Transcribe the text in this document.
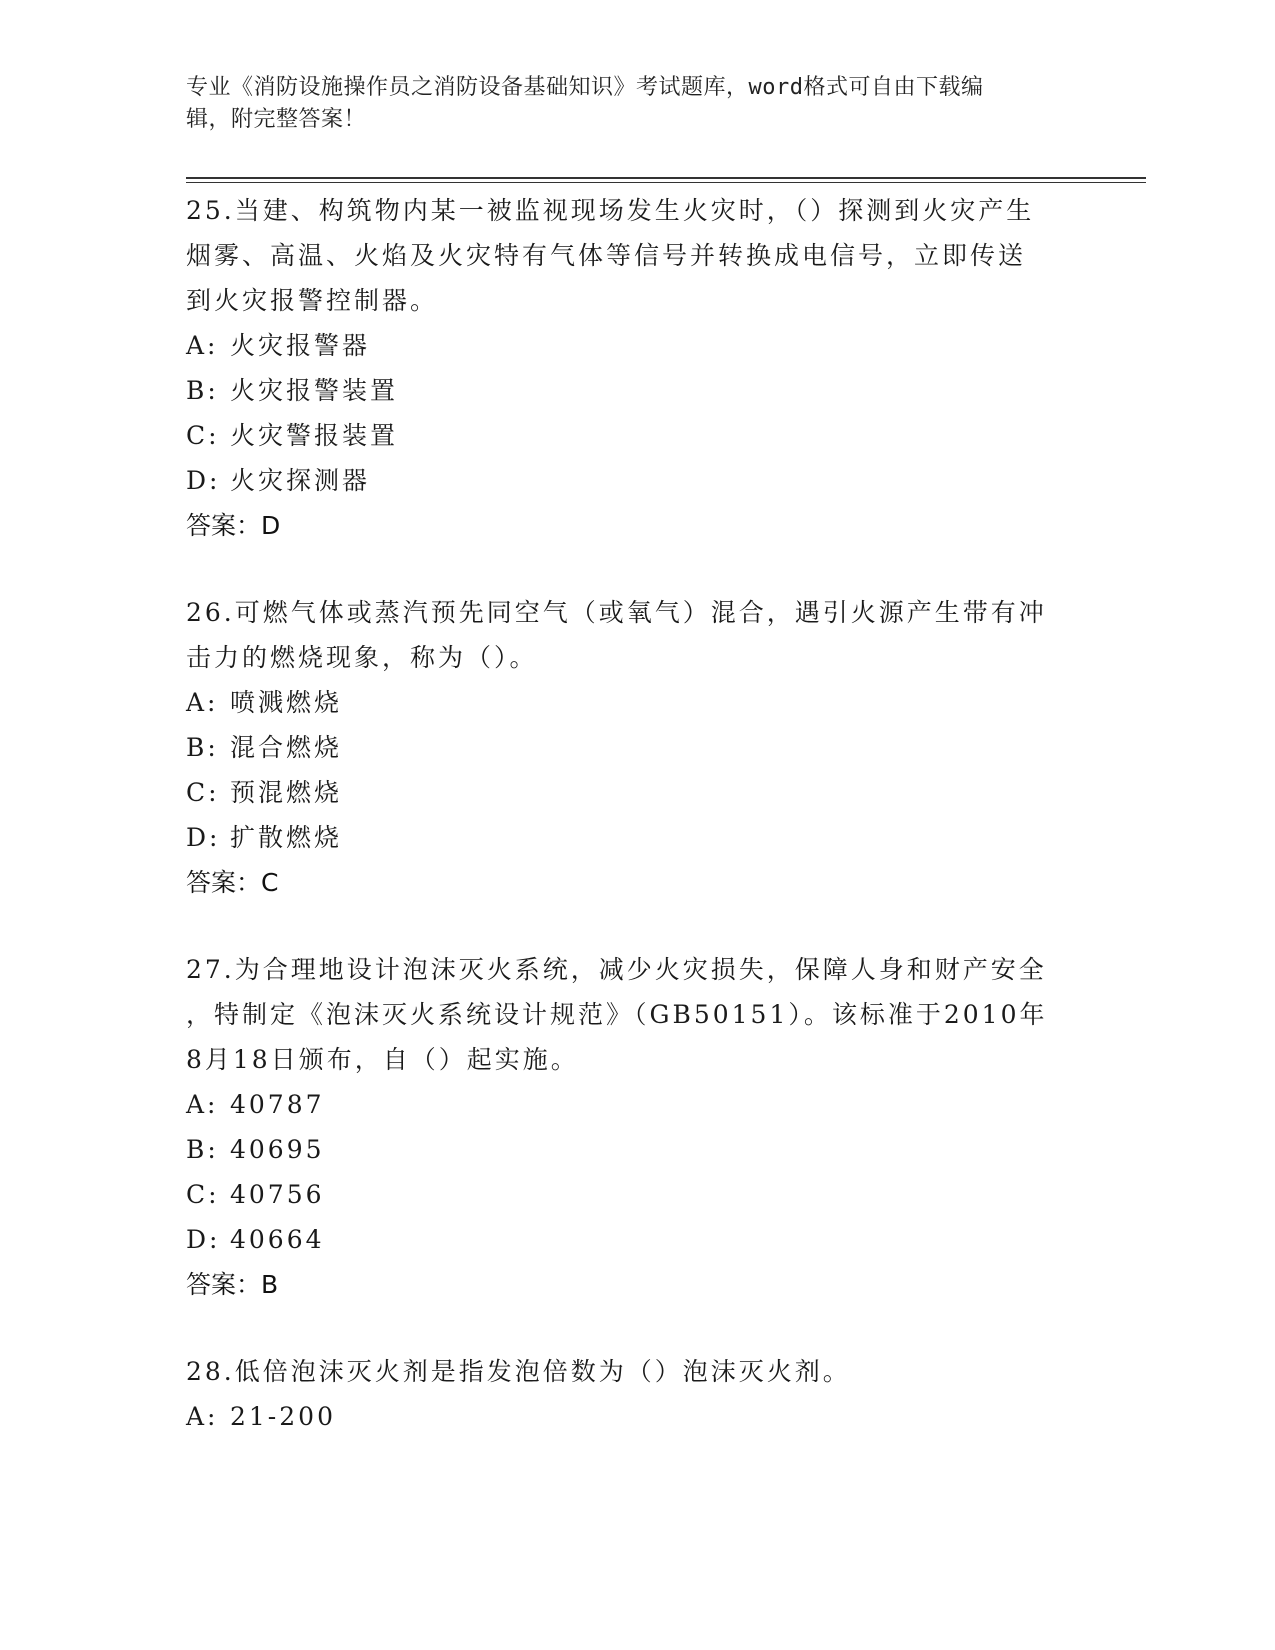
专业《消防设施操作员之消防设备基础知识》考试题库，word格式可自由下载编
辑，附完整答案！
25.当建、构筑物内某一被监视现场发生火灾时，（）探测到火灾产生
烟雾、高温、火焰及火灾特有气体等信号并转换成电信号，立即传送
到火灾报警控制器。
A: 火灾报警器
B: 火灾报警装置
C: 火灾警报装置
D: 火灾探测器
答案：D
26.可燃气体或蒸汽预先同空气（或氧气）混合，遇引火源产生带有冲
击力的燃烧现象，称为（）。
A: 喷溅燃烧
B: 混合燃烧
C: 预混燃烧
D: 扩散燃烧
答案：C
27.为合理地设计泡沫灭火系统，减少火灾损失，保障人身和财产安全
，特制定《泡沫灭火系统设计规范》（GB50151）。该标准于2010年
8月18日颁布，自（）起实施。
A: 40787
B: 40695
C: 40756
D: 40664
答案：B
28.低倍泡沫灭火剂是指发泡倍数为（）泡沫灭火剂。
A: 21-200
